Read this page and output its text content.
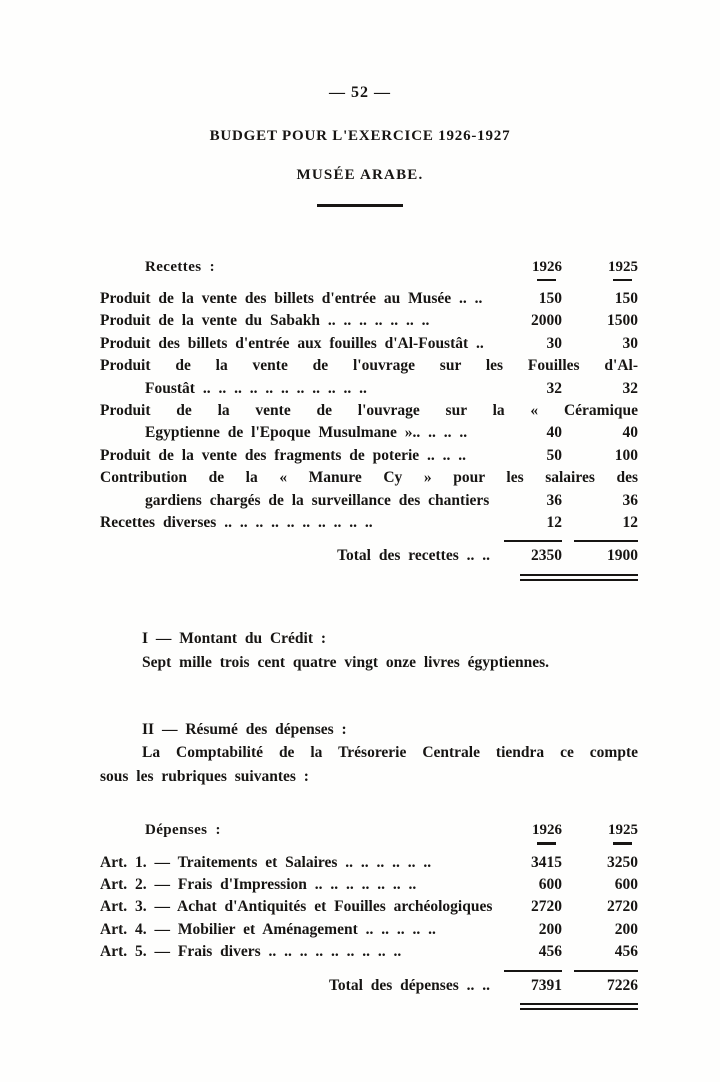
— 52 —
BUDGET POUR L'EXERCICE 1926-1927
MUSÉE ARABE.
Recettes :	1926	1925
Produit de la vente des billets d'entrée au Musée .. ..	150	150
Produit de la vente du Sabakh .. .. .. .. .. .. ..	2000	1500
Produit des billets d'entrée aux fouilles d'Al-Foustât ..	30	30
Produit de la vente de l'ouvrage sur les Fouilles d'Al-
Foustât .. .. .. .. .. .. .. .. .. .. ..	32	32
Produit de la vente de l'ouvrage sur la « Céramique
Egyptienne de l'Epoque Musulmane ».. .. .. ..	40	40
Produit de la vente des fragments de poterie .. .. ..	50	100
Contribution de la « Manure Cy » pour les salaires des
gardiens chargés de la surveillance des chantiers	36	36
Recettes diverses .. .. .. .. .. .. .. .. .. ..	12	12
Total des recettes .. ..	2350	1900
I — Montant du Crédit :
Sept mille trois cent quatre vingt onze livres égyptiennes.
II — Résumé des dépenses :
La Comptabilité de la Trésorerie Centrale tiendra ce compte
sous les rubriques suivantes :
Dépenses :	1926	1925
Art. 1. — Traitements et Salaires .. .. .. .. .. ..	3415	3250
Art. 2. — Frais d'Impression .. .. .. .. .. .. ..	600	600
Art. 3. — Achat d'Antiquités et Fouilles archéologiques	2720	2720
Art. 4. — Mobilier et Aménagement .. .. .. .. ..	200	200
Art. 5. — Frais divers .. .. .. .. .. .. .. .. ..	456	456
Total des dépenses .. ..	7391	7226
